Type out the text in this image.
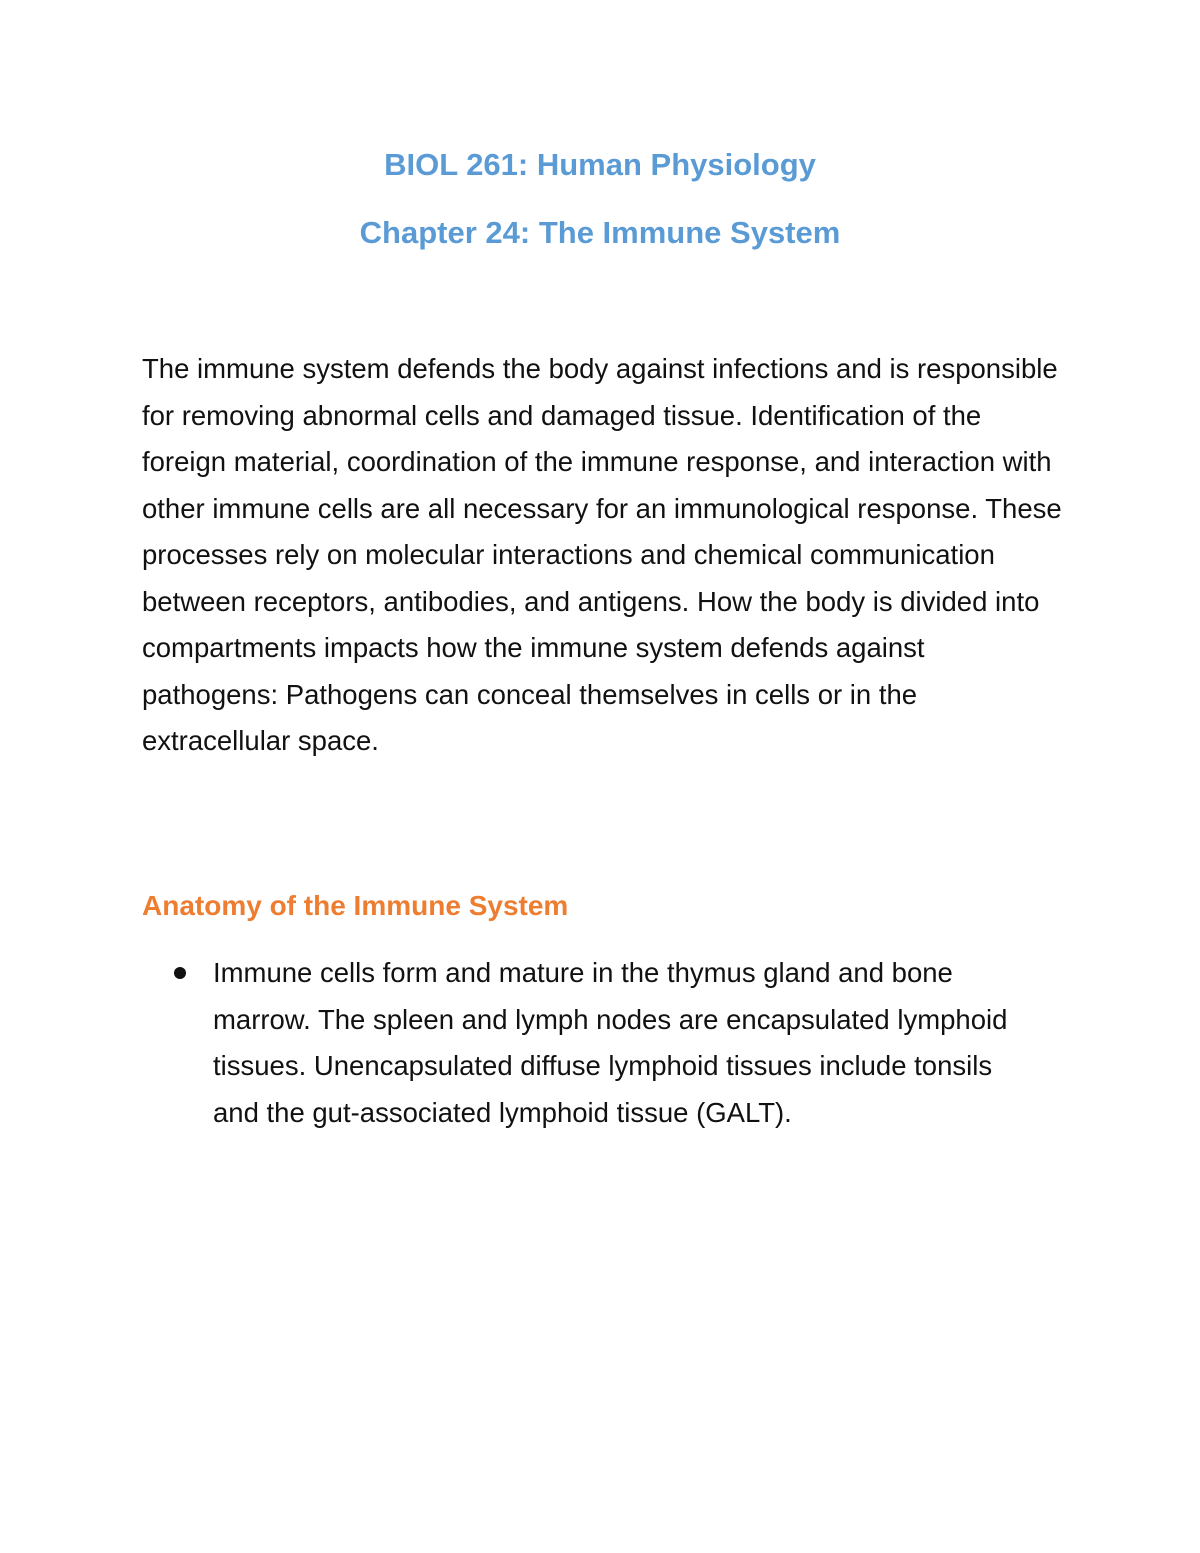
BIOL 261: Human Physiology
Chapter 24: The Immune System

The immune system defends the body against infections and is responsible for removing abnormal cells and damaged tissue. Identification of the foreign material, coordination of the immune response, and interaction with other immune cells are all necessary for an immunological response. These processes rely on molecular interactions and chemical communication between receptors, antibodies, and antigens. How the body is divided into compartments impacts how the immune system defends against pathogens: Pathogens can conceal themselves in cells or in the extracellular space.

Anatomy of the Immune System
Immune cells form and mature in the thymus gland and bone marrow. The spleen and lymph nodes are encapsulated lymphoid tissues. Unencapsulated diffuse lymphoid tissues include tonsils and the gut-associated lymphoid tissue (GALT).
